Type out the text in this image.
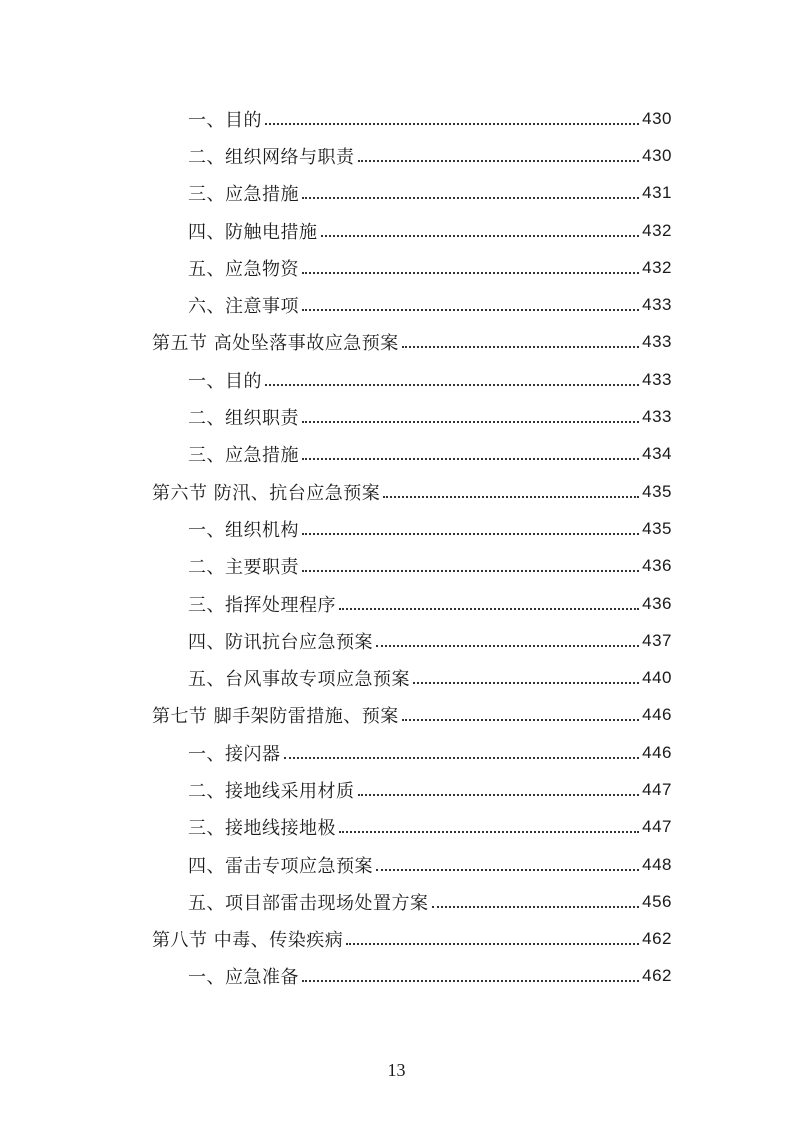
一、目的	430
二、组织网络与职责	430
三、应急措施	431
四、防触电措施	432
五、应急物资	432
六、注意事项	433
第五节 高处坠落事故应急预案	433
一、目的	433
二、组织职责	433
三、应急措施	434
第六节 防汛、抗台应急预案	435
一、组织机构	435
二、主要职责	436
三、指挥处理程序	436
四、防讯抗台应急预案	437
五、台风事故专项应急预案	440
第七节 脚手架防雷措施、预案	446
一、接闪器	446
二、接地线采用材质	447
三、接地线接地极	447
四、雷击专项应急预案	448
五、项目部雷击现场处置方案	456
第八节 中毒、传染疾病	462
一、应急准备	462
13
